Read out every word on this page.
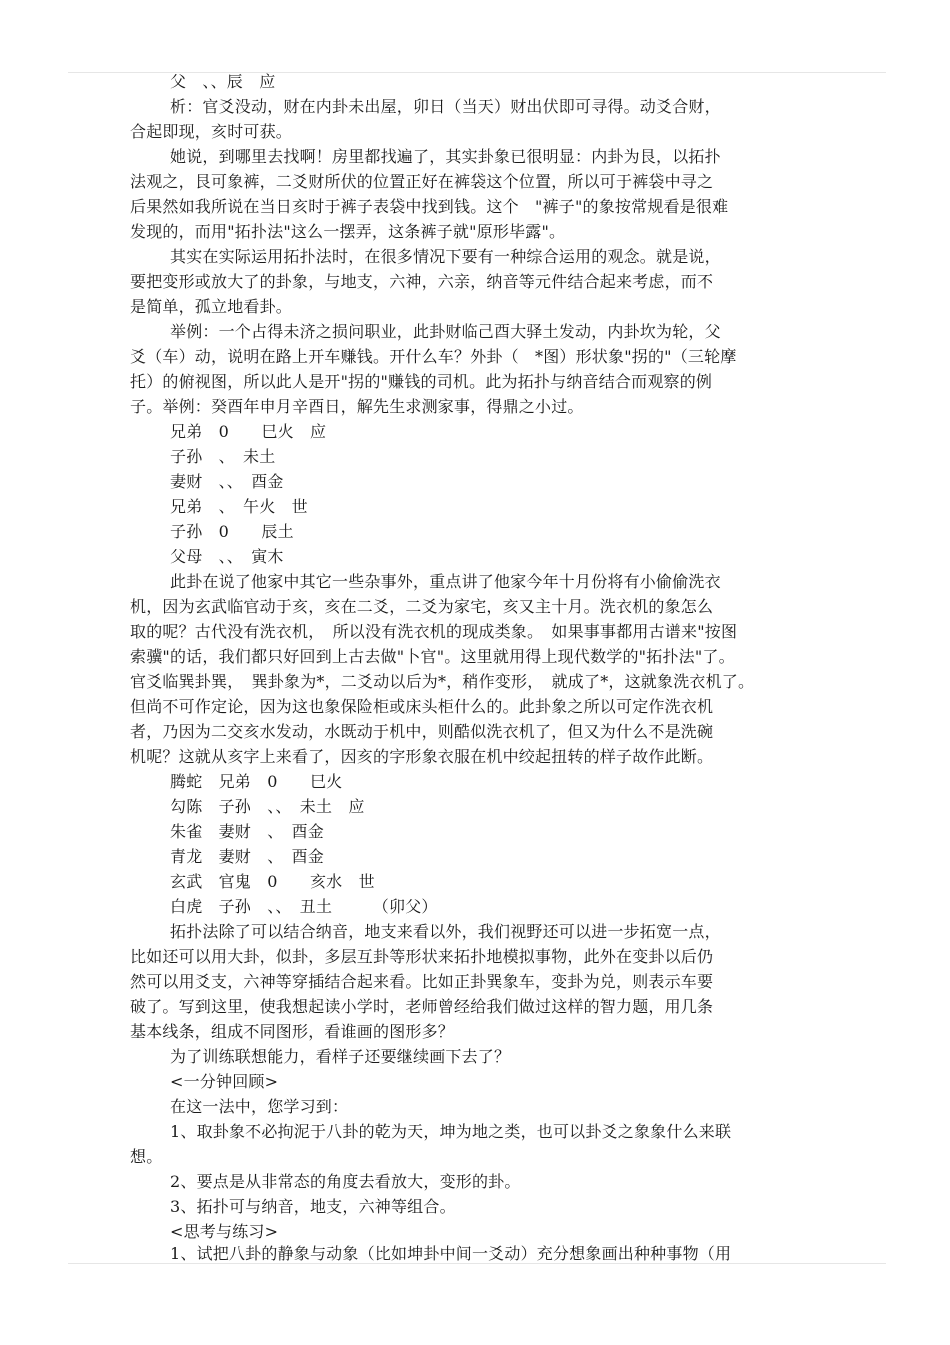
父　、、辰　应
析：官爻没动，财在内卦未出屋，卯日（当天）财出伏即可寻得。动爻合财，
合起即现，亥时可获。
她说，到哪里去找啊！房里都找遍了，其实卦象已很明显：内卦为艮，以拓扑
法观之，艮可象裤，二爻财所伏的位置正好在裤袋这个位置，所以可于裤袋中寻之
后果然如我所说在当日亥时于裤子表袋中找到钱。这个　"裤子"的象按常规看是很难
发现的，而用"拓扑法"这么一摆弄，这条裤子就"原形毕露"。
其实在实际运用拓扑法时，在很多情况下要有一种综合运用的观念。就是说，
要把变形或放大了的卦象，与地支，六神，六亲，纳音等元件结合起来考虑，而不
是简单，孤立地看卦。
举例：一个占得未济之损问职业，此卦财临己酉大驿土发动，内卦坎为轮，父
爻（车）动，说明在路上开车赚钱。开什么车？外卦（　*图）形状象"拐的"（三轮摩
托）的俯视图，所以此人是开"拐的"赚钱的司机。此为拓扑与纳音结合而观察的例
子。举例：癸酉年申月辛酉日，解先生求测家事，得鼎之小过。
兄弟　0　　巳火　应
子孙　、　未土
妻财　、、　酉金
兄弟　、　午火　世
子孙　0　　辰土
父母　、、　寅木
此卦在说了他家中其它一些杂事外，重点讲了他家今年十月份将有小偷偷洗衣
机，因为玄武临官动于亥，亥在二爻，二爻为家宅，亥又主十月。洗衣机的象怎么
取的呢？古代没有洗衣机，　所以没有洗衣机的现成类象。　如果事事都用古谱来"按图
索骥"的话，我们都只好回到上古去做"卜官"。这里就用得上现代数学的"拓扑法"了。
官爻临巽卦巽，　巽卦象为*，二爻动以后为*，稍作变形，　就成了*，这就象洗衣机了。
但尚不可作定论，因为这也象保险柜或床头柜什么的。此卦象之所以可定作洗衣机
者，乃因为二交亥水发动，水既动于机中，则酷似洗衣机了，但又为什么不是洗碗
机呢？这就从亥字上来看了，因亥的字形象衣服在机中绞起扭转的样子故作此断。
腾蛇　兄弟　0　　巳火
勾陈　子孙　、、　未土　应
朱雀　妻财　、　酉金
青龙　妻财　、　酉金
玄武　官鬼　0　　亥水　世
白虎　子孙　、、　丑土　　　（卯父）
拓扑法除了可以结合纳音，地支来看以外，我们视野还可以进一步拓宽一点，
比如还可以用大卦，似卦，多层互卦等形状来拓扑地模拟事物，此外在变卦以后仍
然可以用爻支，六神等穿插结合起来看。比如正卦巽象车，变卦为兑，则表示车要
破了。写到这里，使我想起读小学时，老师曾经给我们做过这样的智力题，用几条
基本线条，组成不同图形，看谁画的图形多？
为了训练联想能力，看样子还要继续画下去了？
<一分钟回顾>
在这一法中，您学习到：
1、取卦象不必拘泥于八卦的乾为天，坤为地之类，也可以卦爻之象象什么来联
想。
2、要点是从非常态的角度去看放大，变形的卦。
3、拓扑可与纳音，地支，六神等组合。
<思考与练习>
1、试把八卦的静象与动象（比如坤卦中间一爻动）充分想象画出种种事物（用
